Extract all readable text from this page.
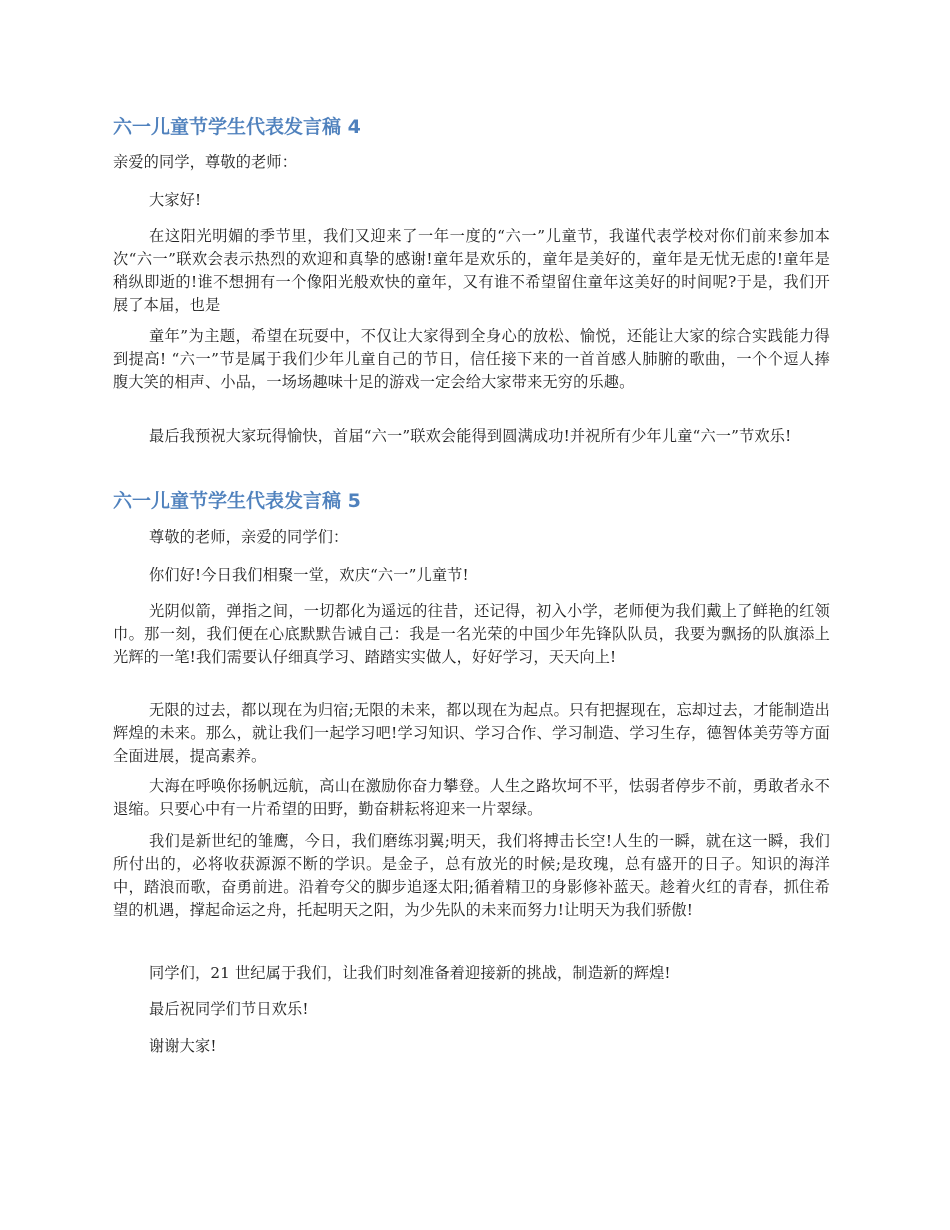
六一儿童节学生代表发言稿 4

亲爱的同学，尊敬的老师：

大家好!

在这阳光明媚的季节里，我们又迎来了一年一度的“六一”儿童节，我谨代表学校对你们前来参加本次“六一”联欢会表示热烈的欢迎和真挚的感谢!童年是欢乐的，童年是美好的，童年是无忧无虑的!童年是稍纵即逝的!谁不想拥有一个像阳光般欢快的童年，又有谁不希望留住童年这美好的时间呢?于是，我们开展了本届，也是

童年”为主题，希望在玩耍中，不仅让大家得到全身心的放松、愉悦，还能让大家的综合实践能力得到提高! “六一”节是属于我们少年儿童自己的节日，信任接下来的一首首感人肺腑的歌曲，一个个逗人捧腹大笑的相声、小品，一场场趣味十足的游戏一定会给大家带来无穷的乐趣。

最后我预祝大家玩得愉快，首届“六一”联欢会能得到圆满成功!并祝所有少年儿童“六一”节欢乐!

六一儿童节学生代表发言稿 5

尊敬的老师，亲爱的同学们：

你们好!今日我们相聚一堂，欢庆“六一”儿童节!

光阴似箭，弹指之间，一切都化为遥远的往昔，还记得，初入小学，老师便为我们戴上了鲜艳的红领巾。那一刻，我们便在心底默默告诫自己：我是一名光荣的中国少年先锋队队员，我要为飘扬的队旗添上光辉的一笔!我们需要认仔细真学习、踏踏实实做人，好好学习，天天向上!

无限的过去，都以现在为归宿;无限的未来，都以现在为起点。只有把握现在，忘却过去，才能制造出辉煌的未来。那么，就让我们一起学习吧!学习知识、学习合作、学习制造、学习生存，德智体美劳等方面全面进展，提高素养。

大海在呼唤你扬帆远航，高山在激励你奋力攀登。人生之路坎坷不平，怯弱者停步不前，勇敢者永不退缩。只要心中有一片希望的田野，勤奋耕耘将迎来一片翠绿。

我们是新世纪的雏鹰，今日，我们磨练羽翼;明天，我们将搏击长空!人生的一瞬，就在这一瞬，我们所付出的，必将收获源源不断的学识。是金子，总有放光的时候;是玫瑰，总有盛开的日子。知识的海洋中，踏浪而歌，奋勇前进。沿着夸父的脚步追逐太阳;循着精卫的身影修补蓝天。趁着火红的青春，抓住希望的机遇，撑起命运之舟，托起明天之阳，为少先队的未来而努力!让明天为我们骄傲!

同学们，21 世纪属于我们，让我们时刻准备着迎接新的挑战，制造新的辉煌!

最后祝同学们节日欢乐!

谢谢大家!
